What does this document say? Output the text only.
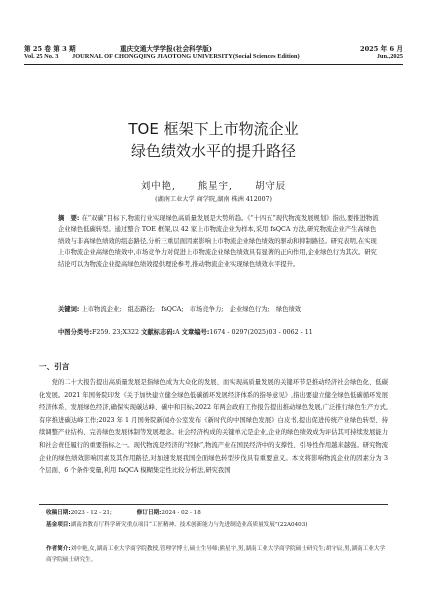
第 25 卷 第 3 期	重庆交通大学学报(社会科学版)	2025 年 6 月
Vol. 25 No. 3 JOURNAL OF CHONGQING JIAOTONG UNIVERSITY(Social Sciences Edition)	Jun.,2025
TOE 框架下上市物流企业
绿色绩效水平的提升路径
刘中艳, 熊星宇, 胡守辰
(湖南工业大学 商学院,湖南 株洲 412007)
摘　要: 在“双碳”目标下,物流行业实现绿色高质量发展是大势所趋。《“十四五”现代物流发展规划》指出,要推进物流企业绿色低碳转型。通过整合 TOE 框架,以 42 家上市物流企业为样本,采用 fsQCA 方法,研究物流企业产生高绿色绩效与非高绿色绩效的组态路径,分析三重层面因素影响上市物流企业绿色绩效的驱动和抑制路径。研究表明,在实现上市物流企业高绿色绩效中,市场竞争力对促进上市物流企业绿色绩效具有显著的正向作用,企业绿色行为其次。研究结论可以为物流企业提高绿色绩效提供理论参考,推动物流企业实现绿色绩效水平提升。
关键词: 上市物流企业;　组态路径;　fsQCA;　市场竞争力;　企业绿色行为;　绿色绩效
中图分类号:F259. 23;X322 文献标志码:A 文章编号:1674 - 0297(2025)03 - 0062 - 11
一、引言
党的二十大报告提出高质量发展是指绿色成为大众化的发展、而实现高质量发展的关键环节是推动经济社会绿色化、低碳化发展。2021 年国务院印发《关于加快建立健全绿色低碳循环发展经济体系的指导意见》,指出要建立健全绿色低碳循环发展经济体系、发展绿色经济,确保实现碳达峰、碳中和目标;2022 年两会政府工作报告提出推动绿色发展,广泛推行绿色生产方式,有序推进碳达峰工作;2023 年 1 月国务院新闻办公室发布《新时代的中国绿色发展》白皮书,提出促进传统产业绿色转型、持续调整产业结构、完善绿色发展体制等发展理念。社会经济构成的关键单元是企业,企业的绿色绩效成为评估其可持续发展能力和社会责任履行的重要指标之一。现代物流是经济的“经脉”,物流产业在国民经济中的支撑性、引导性作用越来越强。研究物流企业的绿色绩效影响因素及其作用路径,对加速发展我国全面绿色转型步伐具有重要意义。本文将影响物流企业的因素分为 3 个层面、6 个条件变量,利用 fsQCA 模糊集定性比较分析法,研究我国
收稿日期:2023 - 12 - 21;	修订日期:2024 - 02 - 18
基金项目:湖南省教育厅科学研究重点项目“工匠精神、技术创新能力与先进制造业高质量发展”(22A0403)
作者简介:刘中艳,女,湖南工业大学商学院教授,管理学博士,硕士生导师;熊星宇,男,湖南工业大学商学院硕士研究生;胡守辰,男,湖南工业大学商学院硕士研究生。
